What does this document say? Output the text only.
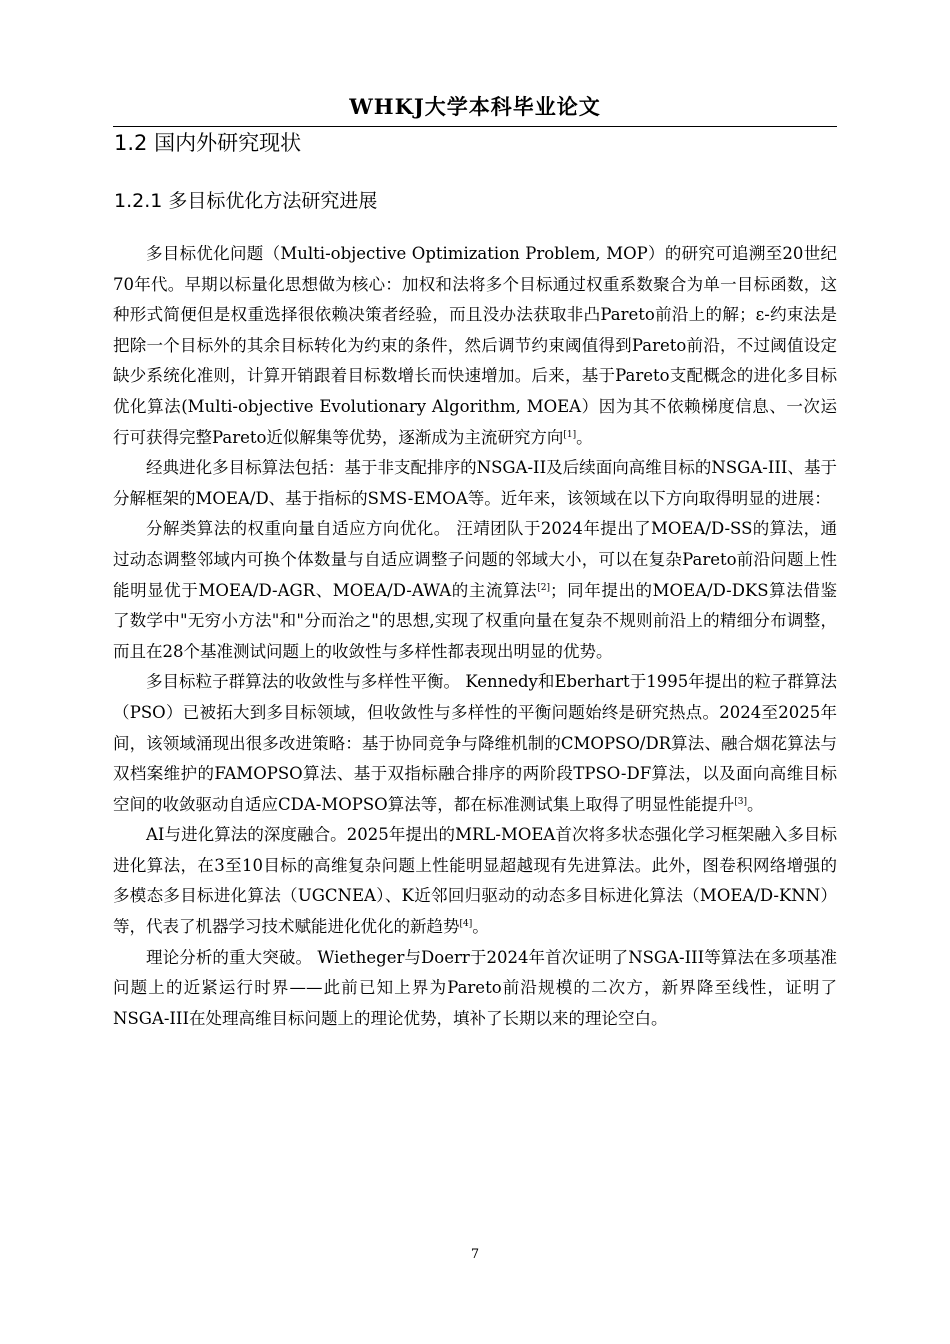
WHKJ大学本科毕业论文
1.2 国内外研究现状
1.2.1 多目标优化方法研究进展

多目标优化问题（Multi-objective Optimization Problem, MOP）的研究可追溯至20世纪70年代。早期以标量化思想做为核心：加权和法将多个目标通过权重系数聚合为单一目标函数，这种形式简便但是权重选择很依赖决策者经验，而且没办法获取非凸Pareto前沿上的解；ε-约束法是把除一个目标外的其余目标转化为约束的条件，然后调节约束阈值得到Pareto前沿，不过阈值设定缺少系统化准则，计算开销跟着目标数增长而快速增加。后来，基于Pareto支配概念的进化多目标优化算法(Multi-objective Evolutionary Algorithm, MOEA）因为其不依赖梯度信息、一次运行可获得完整Pareto近似解集等优势，逐渐成为主流研究方向[1]。

经典进化多目标算法包括：基于非支配排序的NSGA-II及后续面向高维目标的NSGA-III、基于分解框架的MOEA/D、基于指标的SMS-EMOA等。近年来，该领域在以下方向取得明显的进展：

分解类算法的权重向量自适应方向优化。 汪靖团队于2024年提出了MOEA/D-SS的算法，通过动态调整邻域内可换个体数量与自适应调整子问题的邻域大小，可以在复杂Pareto前沿问题上性能明显优于MOEA/D-AGR、MOEA/D-AWA的主流算法[2]；同年提出的MOEA/D-DKS算法借鉴了数学中"无穷小方法"和"分而治之"的思想,实现了权重向量在复杂不规则前沿上的精细分布调整，而且在28个基准测试问题上的收敛性与多样性都表现出明显的优势。

多目标粒子群算法的收敛性与多样性平衡。 Kennedy和Eberhart于1995年提出的粒子群算法（PSO）已被拓大到多目标领域，但收敛性与多样性的平衡问题始终是研究热点。2024至2025年间，该领域涌现出很多改进策略：基于协同竞争与降维机制的CMOPSO/DR算法、融合烟花算法与双档案维护的FAMOPSO算法、基于双指标融合排序的两阶段TPSO-DF算法，以及面向高维目标空间的收敛驱动自适应CDA-MOPSO算法等，都在标准测试集上取得了明显性能提升[3]。

AI与进化算法的深度融合。2025年提出的MRL-MOEA首次将多状态强化学习框架融入多目标进化算法，在3至10目标的高维复杂问题上性能明显超越现有先进算法。此外，图卷积网络增强的多模态多目标进化算法（UGCNEA）、K近邻回归驱动的动态多目标进化算法（MOEA/D-KNN）等，代表了机器学习技术赋能进化优化的新趋势[4]。

理论分析的重大突破。 Wietheger与Doerr于2024年首次证明了NSGA-III等算法在多项基准问题上的近紧运行时界——此前已知上界为Pareto前沿规模的二次方，新界降至线性，证明了NSGA-III在处理高维目标问题上的理论优势，填补了长期以来的理论空白。

7
